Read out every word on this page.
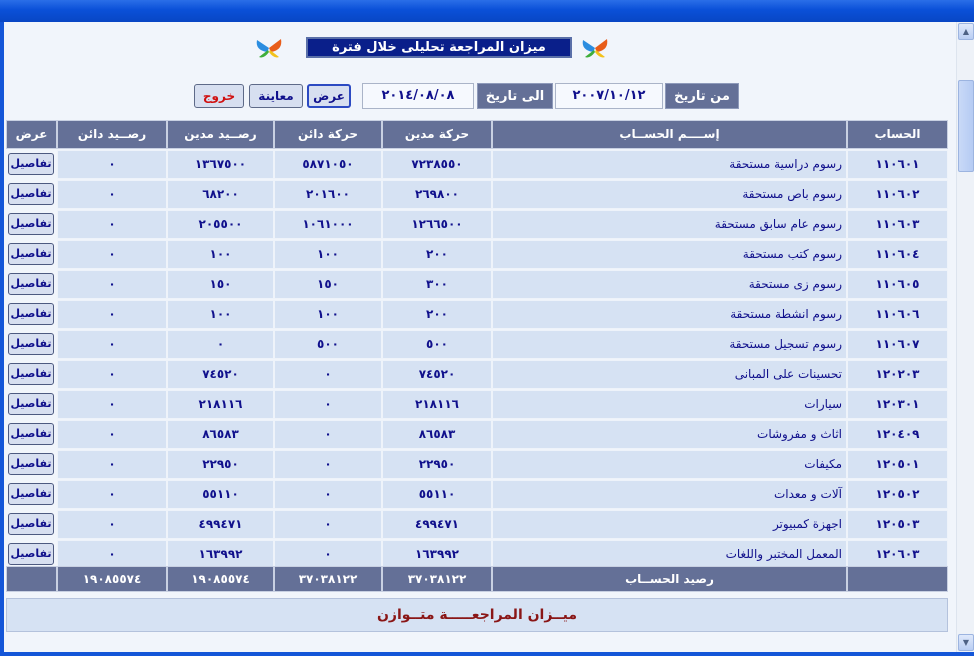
ميزان المراجعة تحليلى خلال فترة
من تاريخ
٢٠٠٧/١٠/١٢
الى تاريخ
٢٠١٤/٠٨/٠٨
عرض
معاينة
خروج
الحساب
إســــم الحســاب
حركة مدين
حركة دائن
رصــيد مدين
رصــيد دائن
عرض
١١٠٦٠١
رسوم دراسية مستحقة
٧٢٣٨٥٥٠
٥٨٧١٠٥٠
١٣٦٧٥٠٠
٠
تفاصيل
١١٠٦٠٢
رسوم باص مستحقة
٢٦٩٨٠٠
٢٠١٦٠٠
٦٨٢٠٠
٠
تفاصيل
١١٠٦٠٣
رسوم عام سابق مستحقة
١٢٦٦٥٠٠
١٠٦١٠٠٠
٢٠٥٥٠٠
٠
تفاصيل
١١٠٦٠٤
رسوم كتب مستحقة
٢٠٠
١٠٠
١٠٠
٠
تفاصيل
١١٠٦٠٥
رسوم زى مستحقة
٣٠٠
١٥٠
١٥٠
٠
تفاصيل
١١٠٦٠٦
رسوم انشطة مستحقة
٢٠٠
١٠٠
١٠٠
٠
تفاصيل
١١٠٦٠٧
رسوم تسجيل مستحقة
٥٠٠
٥٠٠
٠
٠
تفاصيل
١٢٠٢٠٣
تحسينات على المبانى
٧٤٥٢٠
٠
٧٤٥٢٠
٠
تفاصيل
١٢٠٣٠١
سيارات
٢١٨١١٦
٠
٢١٨١١٦
٠
تفاصيل
١٢٠٤٠٩
اثاث و مفروشات
٨٦٥٨٣
٠
٨٦٥٨٣
٠
تفاصيل
١٢٠٥٠١
مكيفات
٢٢٩٥٠
٠
٢٢٩٥٠
٠
تفاصيل
١٢٠٥٠٢
آلات و معدات
٥٥١١٠
٠
٥٥١١٠
٠
تفاصيل
١٢٠٥٠٣
اجهزة كمبيوتر
٤٩٩٤٧١
٠
٤٩٩٤٧١
٠
تفاصيل
١٢٠٦٠٣
المعمل المختبر واللغات
١٦٣٩٩٢
٠
١٦٣٩٩٢
٠
تفاصيل
رصيد الحســاب
٣٧٠٣٨١٢٢
٣٧٠٣٨١٢٢
١٩٠٨٥٥٧٤
١٩٠٨٥٥٧٤
ميــزان المراجعـــــة متــوازن
▲
▼
